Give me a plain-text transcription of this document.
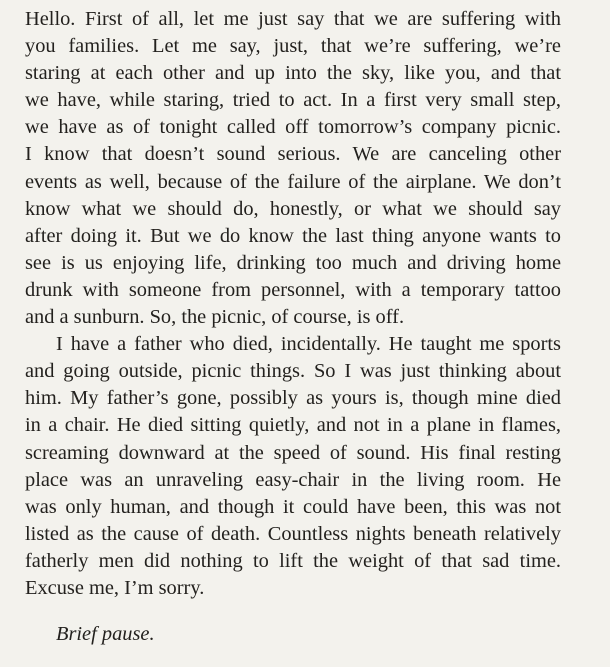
Hello. First of all, let me just say that we are suffering with
you families. Let me say, just, that we’re suffering, we’re
staring at each other and up into the sky, like you, and that
we have, while staring, tried to act. In a first very small step,
we have as of tonight called off tomorrow’s company picnic.
I know that doesn’t sound serious. We are canceling other
events as well, because of the failure of the airplane. We don’t
know what we should do, honestly, or what we should say
after doing it. But we do know the last thing anyone wants to
see is us enjoying life, drinking too much and driving home
drunk with someone from personnel, with a temporary tattoo
and a sunburn. So, the picnic, of course, is off.
I have a father who died, incidentally. He taught me sports
and going outside, picnic things. So I was just thinking about
him. My father’s gone, possibly as yours is, though mine died
in a chair. He died sitting quietly, and not in a plane in flames,
screaming downward at the speed of sound. His final resting
place was an unraveling easy-chair in the living room. He
was only human, and though it could have been, this was not
listed as the cause of death. Countless nights beneath relatively
fatherly men did nothing to lift the weight of that sad time.
Excuse me, I’m sorry.
Brief pause.
